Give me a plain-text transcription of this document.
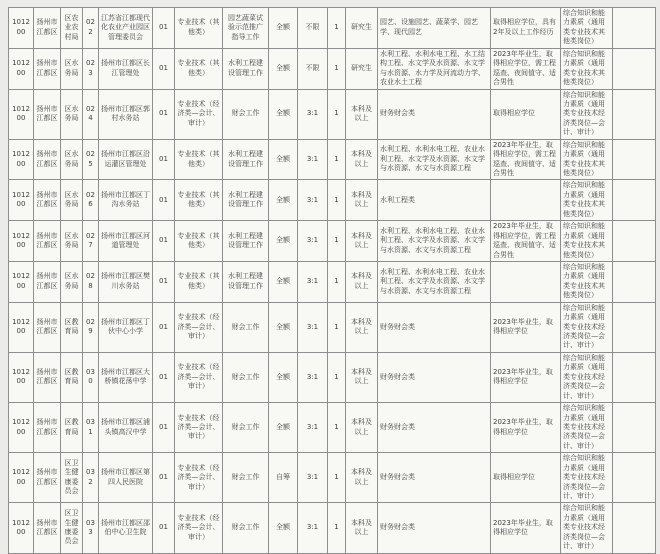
101200	扬州市江都区	区农业农村局	022	江苏省江都现代化农业产业园区管理委员会	01	专业技术（其他类）	园艺蔬菜试验示范推广指导工作	全额	不限	1	研究生	园艺、设施园艺、蔬菜学、园艺学、现代园艺	取得相应学位，具有2年及以上工作经历	综合知识和能力素质（通用类专业技术其他类岗位）	
101200	扬州市江都区	区水务局	023	扬州市江都区长江管理处	01	专业技术（其他类）	水利工程建设管理工作	全额	不限	1	研究生	水利工程、水利水电工程、水工结构工程、水文学及水资源、水文学与水资源、水力学及河流动力学、农业水土工程	2023年毕业生，取得相应学位，需工程巡查、夜间值守、适合男性	综合知识和能力素质（通用类专业技术其他类岗位）	
101200	扬州市江都区	区水务局	024	扬州市江都区郭村水务站	01	专业技术（经济类—会计、审计）	财会工作	全额	3:1	1	本科及以上	财务财会类	取得相应学位	综合知识和能力素质（通用类专业技术经济类岗位—会计、审计）	
101200	扬州市江都区	区水务局	025	扬州市江都区沿运灌区管理处	01	专业技术（其他类）	水利工程建设管理工作	全额	3:1	1	本科及以上	水利工程、水利水电工程、农业水利工程、水文学及水资源、水文学与水资源、水文与水资源工程	2023年毕业生，取得相应学位，需工程巡查、夜间值守、适合男性	综合知识和能力素质（通用类专业技术其他类岗位）	
101200	扬州市江都区	区水务局	026	扬州市江都区丁沟水务站	01	专业技术（其他类）	水利工程建设管理工作	全额	3:1	1	本科及以上	水利工程类		综合知识和能力素质（通用类专业技术其他类岗位）	
101200	扬州市江都区	区水务局	027	扬州市江都区河道管理处	01	专业技术（其他类）	水利工程建设管理工作	全额	3:1	1	本科及以上	水利工程、水利水电工程、农业水利工程、水文学及水资源、水文学与水资源、水文与水资源工程	2023年毕业生，取得相应学位，需工程巡查、夜间值守、适合男性	综合知识和能力素质（通用类专业技术其他类岗位）	
101200	扬州市江都区	区水务局	028	扬州市江都区樊川水务站	01	专业技术（其他类）	水利工程建设管理工作	全额	3:1	1	本科及以上	水利工程、水利水电工程、农业水利工程、水文学及水资源、水文学与水资源、水文与水资源工程		综合知识和能力素质（通用类专业技术其他类岗位）	
101200	扬州市江都区	区教育局	029	扬州市江都区丁伙中心小学	01	专业技术（经济类—会计、审计）	财会工作	全额	3:1	1	本科及以上	财务财会类	2023年毕业生，取得相应学位	综合知识和能力素质（通用类专业技术经济类岗位—会计、审计）	
101200	扬州市江都区	区教育局	030	扬州市江都区大桥镇花荡中学	01	专业技术（经济类—会计、审计）	财会工作	全额	3:1	1	本科及以上	财务财会类	2023年毕业生，取得相应学位	综合知识和能力素质（通用类专业技术经济类岗位—会计、审计）	
101200	扬州市江都区	区教育局	031	扬州市江都区浦头镇高汉中学	01	专业技术（经济类—会计、审计）	财会工作	全额	3:1	1	本科及以上	财务财会类	2023年毕业生，取得相应学位	综合知识和能力素质（通用类专业技术经济类岗位—会计、审计）	
101200	扬州市江都区	区卫生健康委员会	032	扬州市江都区第四人民医院	01	专业技术（经济类—会计、审计）	财会工作	自筹	3:1	1	本科及以上	财务财会类	取得相应学位	综合知识和能力素质（通用类专业技术经济类岗位—会计、审计）	
101200	扬州市江都区	区卫生健康委员会	033	扬州市江都区邵伯中心卫生院	01	专业技术（经济类—会计、审计）	财会工作	全额	3:1	1	本科及以上	财务财会类	2023年毕业生，取得相应学位	综合知识和能力素质（通用类专业技术经济类岗位—会计、审计）	
